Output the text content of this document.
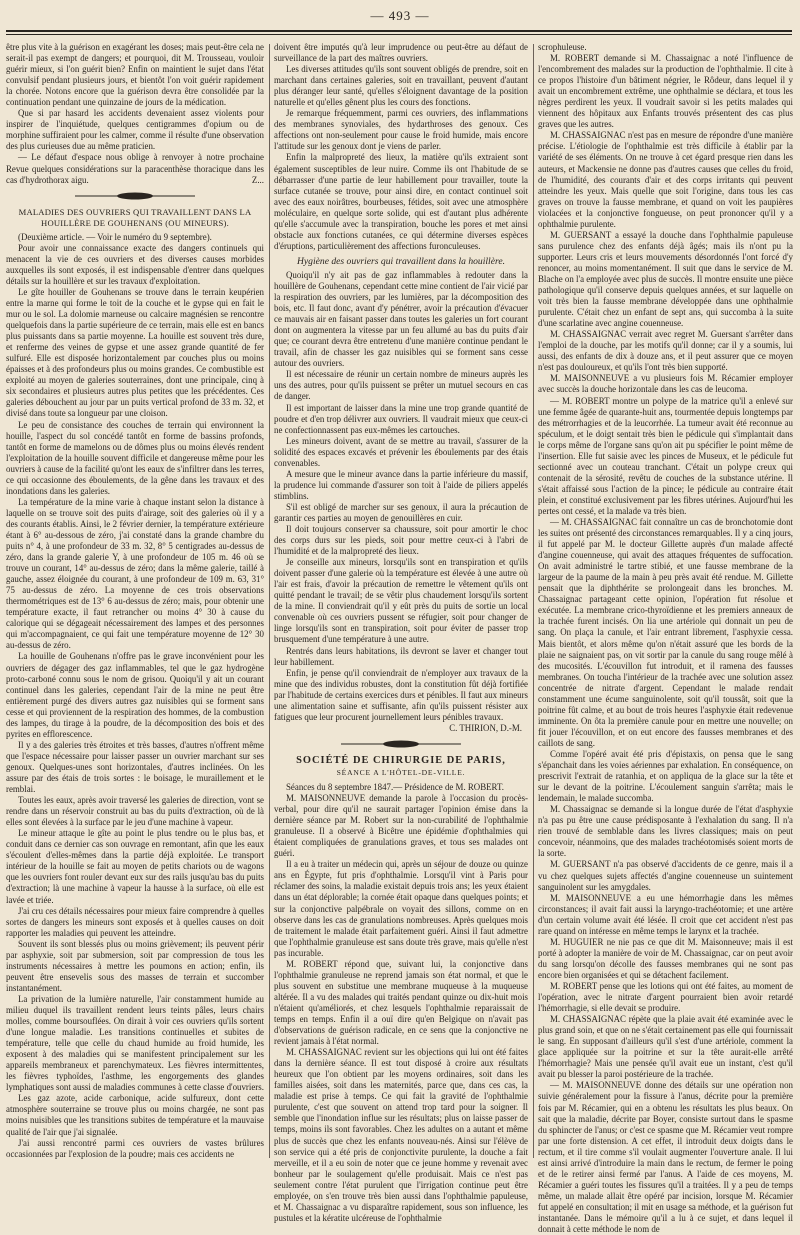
— 493 —

être plus vite à la guérison en exagérant les doses; mais peut-être cela ne serait-il pas exempt de dangers; et pourquoi, dit M. Trousseau, vouloir guérir mieux, si l'on guérit bien? Enfin on maintient le sujet dans l'état convulsif pendant plusieurs jours, et bientôt l'on voit guérir rapidement la chorée. Notons encore que la guérison devra être consolidée par la continuation pendant une quinzaine de jours de la médication.

Que si par hasard les accidents devenaient assez violents pour inspirer de l'inquiétude, quelques centigrammes d'opium ou de morphine suffiraient pour les calmer, comme il résulte d'une observation des plus curieuses due au même praticien.

— Le défaut d'espace nous oblige à renvoyer à notre prochaine Revue quelques considérations sur la paracenthèse thoracique dans les cas d'hydrothorax aigu.	Z...

MALADIES DES OUVRIERS QUI TRAVAILLENT DANS LA HOUILLÈRE DE GOUHENANS (OU MINEURS).

(Deuxième article. — Voir le numéro du 9 septembre).

Pour avoir une connaissance exacte des dangers continuels qui menacent la vie de ces ouvriers et des diverses causes morbides auxquelles ils sont exposés, il est indispensable d'entrer dans quelques détails sur la houillère et sur les travaux d'exploitation.

Le gîte houiller de Gouhenans se trouve dans le terrain keupérien entre la marne qui forme le toit de la couche et le gypse qui en fait le mur ou le sol. La dolomie marneuse ou calcaire magnésien se rencontre quelquefois dans la partie supérieure de ce terrain, mais elle est en bancs plus puissants dans sa partie moyenne. La houille est souvent très dure, et renferme des veines de gypse et une assez grande quantité de fer sulfuré. Elle est disposée horizontalement par couches plus ou moins épaisses et à des profondeurs plus ou moins grandes. Ce combustible est exploité au moyen de galeries souterraines, dont une principale, cinq à six secondaires et plusieurs autres plus petites que les précédentes. Ces galeries débouchent au jour par un puits vertical profond de 33 m. 32, et divisé dans toute sa longueur par une cloison.

Le peu de consistance des couches de terrain qui environnent la houille, l'aspect du sol concédé tantôt en forme de bassins profonds, tantôt en forme de mamelons ou de dômes plus ou moins élevés rendent l'exploitation de la houille souvent difficile et dangereuse même pour les ouvriers à cause de la facilité qu'ont les eaux de s'infiltrer dans les terres, ce qui occasionne des éboulements, de la gêne dans les travaux et des inondations dans les galeries.

La température de la mine varie à chaque instant selon la distance à laquelle on se trouve soit des puits d'airage, soit des galeries où il y a des courants établis. Ainsi, le 2 février dernier, la température extérieure étant à 6° au-dessous de zéro, j'ai constaté dans la grande chambre du puits n° 4, à une profondeur de 33 m. 32, 8° 5 centigrades au-dessus de zéro, dans la grande galerie Y, à une profondeur de 105 m. 46 où se trouve un courant, 14° au-dessus de zéro; dans la même galerie, taillé à gauche, assez éloignée du courant, à une profondeur de 109 m. 63, 31° 75 au-dessus de zéro. La moyenne de ces trois observations thermométriques est de 13° 6 au-dessus de zéro; mais, pour obtenir une température exacte, il faut retrancher ou moins 4° 30 à cause du calorique qui se dégageait nécessairement des lampes et des personnes qui m'accompagnaient, ce qui fait une température moyenne de 12° 30 au-dessus de zéro.

La houille de Gouhenans n'offre pas le grave inconvénient pour les ouvriers de dégager des gaz inflammables, tel que le gaz hydrogène proto-carboné connu sous le nom de grisou. Quoiqu'il y ait un courant continuel dans les galeries, cependant l'air de la mine ne peut être entièrement purgé des divers autres gaz nuisibles qui se forment sans cesse et qui proviennent de la respiration des hommes, de la combustion des lampes, du tirage à la poudre, de la décomposition des bois et des pyrites en efflorescence.

Il y a des galeries très étroites et très basses, d'autres n'offrent même que l'espace nécessaire pour laisser passer un ouvrier marchant sur ses genoux. Quelques-unes sont horizontales, d'autres inclinées. On les assure par des étais de trois sortes : le boisage, le muraillement et le remblai.

Toutes les eaux, après avoir traversé les galeries de direction, vont se rendre dans un réservoir construit au bas du puits d'extraction, où de là elles sont élevées à la surface par le jeu d'une machine à vapeur.

Le mineur attaque le gîte au point le plus tendre ou le plus bas, et conduit dans ce dernier cas son ouvrage en remontant, afin que les eaux s'écoulent d'elles-mêmes dans la partie déjà exploitée. Le transport intérieur de la houille se fait au moyen de petits chariots ou de wagons que les ouvriers font rouler devant eux sur des rails jusqu'au bas du puits d'extraction; là une machine à vapeur la hausse à la surface, où elle est lavée et triée.

J'ai cru ces détails nécessaires pour mieux faire comprendre à quelles sortes de dangers les mineurs sont exposés et à quelles causes on doit rapporter les maladies qui peuvent les atteindre.

Souvent ils sont blessés plus ou moins grièvement; ils peuvent périr par asphyxie, soit par submersion, soit par compression de tous les instruments nécessaires à mettre les poumons en action; enfin, ils peuvent être ensevelis sous des masses de terrain et succomber instantanément.

La privation de la lumière naturelle, l'air constamment humide au milieu duquel ils travaillent rendent leurs teints pâles, leurs chairs molles, comme boursouflées. On dirait à voir ces ouvriers qu'ils sortent d'une longue maladie. Les transitions continuelles et subites de température, telle que celle du chaud humide au froid humide, les exposent à des maladies qui se manifestent principalement sur les appareils membraneux et parenchymateux. Les fièvres intermittentes, les fièvres typhoïdes, l'asthme, les engorgements des glandes lymphatiques sont aussi de maladies communes à cette classe d'ouvriers.

Les gaz azote, acide carbonique, acide sulfureux, dont cette atmosphère souterraine se trouve plus ou moins chargée, ne sont pas moins nuisibles que les transitions subites de température et la mauvaise qualité de l'air que j'ai signalée.

J'ai aussi rencontré parmi ces ouvriers de vastes brûlures occasionnées par l'explosion de la poudre; mais ces accidents ne

doivent être imputés qu'à leur imprudence ou peut-être au défaut de surveillance de la part des maîtres ouvriers.

Les diverses attitudes qu'ils sont souvent obligés de prendre, soit en marchant dans certaines galeries, soit en travaillant, peuvent d'autant plus déranger leur santé, qu'elles s'éloignent davantage de la position naturelle et qu'elles gênent plus les cours des fonctions.

Je remarque fréquemment, parmi ces ouvriers, des inflammations des membranes synoviales, des hydarthroses des genoux. Ces affections ont non-seulement pour cause le froid humide, mais encore l'attitude sur les genoux dont je viens de parler.

Enfin la malpropreté des lieux, la matière qu'ils extraient sont également susceptibles de leur nuire. Comme ils ont l'habitude de se débarrasser d'une partie de leur habillement pour travailler, toute la surface cutanée se trouve, pour ainsi dire, en contact continuel soit avec des eaux noirâtres, bourbeuses, fétides, soit avec une atmosphère moléculaire, en quelque sorte solide, qui est d'autant plus adhérente qu'elle s'accumule avec la transpiration, bouche les pores et met ainsi obstacle aux fonctions cutanées, ce qui détermine diverses espèces d'éruptions, particulièrement des affections furonculeuses.

Hygiène des ouvriers qui travaillent dans la houillère.

Quoiqu'il n'y ait pas de gaz inflammables à redouter dans la houillère de Gouhenans, cependant cette mine contient de l'air vicié par la respiration des ouvriers, par les lumières, par la décomposition des bois, etc. Il faut donc, avant d'y pénétrer, avoir la précaution d'évacuer ce mauvais air en faisant passer dans toutes les galeries un fort courant dont on augmentera la vitesse par un feu allumé au bas du puits d'air que; ce courant devra être entretenu d'une manière continue pendant le travail, afin de chasser les gaz nuisibles qui se forment sans cesse autour des ouvriers.

Il est nécessaire de réunir un certain nombre de mineurs auprès les uns des autres, pour qu'ils puissent se prêter un mutuel secours en cas de danger.

Il est important de laisser dans la mine une trop grande quantité de poudre et d'en trop délivrer aux ouvriers. Il vaudrait mieux que ceux-ci ne confectionnassent pas eux-mêmes les cartouches.

Les mineurs doivent, avant de se mettre au travail, s'assurer de la solidité des espaces excavés et prévenir les éboulements par des étais convenables.

A mesure que le mineur avance dans la partie inférieure du massif, la prudence lui commande d'assurer son toit à l'aide de piliers appelés stimblins.

S'il est obligé de marcher sur ses genoux, il aura la précaution de garantir ces parties au moyen de genouillères en cuir.

Il doit toujours conserver sa chaussure, soit pour amortir le choc des corps durs sur les pieds, soit pour mettre ceux-ci à l'abri de l'humidité et de la malpropreté des lieux.

Je conseille aux mineurs, lorsqu'ils sont en transpiration et qu'ils doivent passer d'une galerie où la température est élevée à une autre où l'air est frais, d'avoir la précaution de remettre le vêtement qu'ils ont quitté pendant le travail; de se vêtir plus chaudement lorsqu'ils sortent de la mine. Il conviendrait qu'il y eût près du puits de sortie un local convenable où ces ouvriers pussent se réfugier, soit pour changer de linge lorsqu'ils sont en transpiration, soit pour éviter de passer trop brusquement d'une température à une autre.

Rentrés dans leurs habitations, ils devront se laver et changer tout leur habillement.

Enfin, je pense qu'il conviendrait de n'employer aux travaux de la mine que des individus robustes, dont la constitution fût déjà fortifiée par l'habitude de certains exercices durs et pénibles. Il faut aux mineurs une alimentation saine et suffisante, afin qu'ils puissent résister aux fatigues que leur procurent journellement leurs pénibles travaux.

C. THIRION, D.-M.

SOCIÉTÉ DE CHIRURGIE DE PARIS,

SÉANCE A L'HÔTEL-DE-VILLE.

Séances du 8 septembre 1847.— Présidence de M. ROBERT.

M. MAISONNEUVE demande la parole à l'occasion du procès-verbal, pour dire qu'il ne saurait partager l'opinion émise dans la dernière séance par M. Robert sur la non-curabilité de l'ophthalmie granuleuse. Il a observé à Bicêtre une épidémie d'ophthalmies qui étaient compliquées de granulations graves, et tous ses malades ont guéri.

Il a eu à traiter un médecin qui, après un séjour de douze ou quinze ans en Égypte, fut pris d'ophthalmie. Lorsqu'il vint à Paris pour réclamer des soins, la maladie existait depuis trois ans; les yeux étaient dans un état déplorable; la cornée était opaque dans quelques points; et sur la conjonctive palpébrale on voyait des sillons, comme on en observe dans les cas de granulations nombreuses. Après quelques mois de traitement le malade était parfaitement guéri. Ainsi il faut admettre que l'ophthalmie granuleuse est sans doute très grave, mais qu'elle n'est pas incurable.

M. ROBERT répond que, suivant lui, la conjonctive dans l'ophthalmie granuleuse ne reprend jamais son état normal, et que le plus souvent en substitue une membrane muqueuse à la muqueuse altérée. Il a vu des malades qui traités pendant quinze ou dix-huit mois n'étaient qu'améliorés, et chez lesquels l'ophthalmie reparaissait de temps en temps. Enfin il a ouï dire qu'en Belgique on n'avait pas d'observations de guérison radicale, en ce sens que la conjonctive ne revient jamais à l'état normal.

M. CHASSAIGNAC revient sur les objections qui lui ont été faites dans la dernière séance. Il est tout disposé à croire aux résultats heureux que l'on obtient par les moyens ordinaires, soit dans les familles aisées, soit dans les maternités, parce que, dans ces cas, la maladie est prise à temps. Ce qui fait la gravité de l'ophthalmie purulente, c'est que souvent on attend trop tard pour la soigner. Il semble que l'inondation influe sur les résultats; plus on laisse passer de temps, moins ils sont favorables. Chez les adultes on a autant et même plus de succès que chez les enfants nouveau-nés. Ainsi sur l'élève de son service qui a été pris de conjonctivite purulente, la douche a fait merveille, et il a eu soin de noter que ce jeune homme y revenait avec bonheur par le soulagement qu'elle produisait. Mais ce n'est pas seulement contre l'état purulent que l'irrigation continue peut être employée, on s'en trouve très bien aussi dans l'ophthalmie papuleuse, et M. Chassaignac a vu disparaître rapidement, sous son influence, les pustules et la kératite ulcéreuse de l'ophthalmie

scrophuleuse.

M. ROBERT demande si M. Chassaignac a noté l'influence de l'encombrement des malades sur la production de l'ophthalmie. Il cite à ce propos l'histoire d'un bâtiment négrier, le Rôdeur, dans lequel il y avait un encombrement extrême, une ophthalmie se déclara, et tous les nègres perdirent les yeux. Il voudrait savoir si les petits malades qui viennent des hôpitaux aux Enfants trouvés présentent des cas plus graves que les autres.

M. CHASSAIGNAC n'est pas en mesure de répondre d'une manière précise. L'étiologie de l'ophthalmie est très difficile à établir par la variété de ses éléments. On ne trouve à cet égard presque rien dans les auteurs, et Mackensie ne donne pas d'autres causes que celles du froid, de l'humidité, des courants d'air et des corps irritants qui peuvent atteindre les yeux. Mais quelle que soit l'origine, dans tous les cas graves on trouve la fausse membrane, et quand on voit les paupières violacées et la conjonctive fongueuse, on peut prononcer qu'il y a ophthalmie purulente.

M. GUERSANT a essayé la douche dans l'ophthalmie papuleuse sans purulence chez des enfants déjà âgés; mais ils n'ont pu la supporter. Leurs cris et leurs mouvements désordonnés l'ont forcé d'y renoncer, au moins momentanément. Il suit que dans le service de M. Blache on l'a employée avec plus de succès. Il montre ensuite une pièce pathologique qu'il conserve depuis quelques années, et sur laquelle on voit très bien la fausse membrane développée dans une ophthalmie purulente. C'était chez un enfant de sept ans, qui succomba à la suite d'une scarlatine avec angine couenneuse.

M. CHASSAIGNAC verrait avec regret M. Guersant s'arrêter dans l'emploi de la douche, par les motifs qu'il donne; car il y a soumis, lui aussi, des enfants de dix à douze ans, et il peut assurer que ce moyen n'est pas douloureux, et qu'ils l'ont très bien supporté.

M. MAISONNEUVE a vu plusieurs fois M. Récamier employer avec succès la douche horizontale dans les cas de leucoma.

— M. ROBERT montre un polype de la matrice qu'il a enlevé sur une femme âgée de quarante-huit ans, tourmentée depuis longtemps par des métrorrhagies et de la leucorrhée. La tumeur avait été reconnue au spéculum, et le doigt sentait très bien le pédicule qui s'implantait dans le corps même de l'organe sans qu'on ait pu spécifier le point même de l'insertion. Elle fut saisie avec les pinces de Museux, et le pédicule fut sectionné avec un couteau tranchant. C'était un polype creux qui contenait de la sérosité, revêtu de couches de la substance utérine. Il s'était affaissé sous l'action de la pince; le pédicule au contraire était plein, et constitué exclusivement par les fibres utérines. Aujourd'hui les pertes ont cessé, et la malade va très bien.

— M. CHASSAIGNAC fait connaître un cas de bronchotomie dont les suites ont présenté des circonstances remarquables. Il y a cinq jours, il fut appelé par M. le docteur Gillette auprès d'un malade affecté d'angine couenneuse, qui avait des attaques fréquentes de suffocation. On avait administré le tartre stibié, et une fausse membrane de la largeur de la paume de la main à peu près avait été rendue. M. Gillette pensait que la diphthérite se prolongeait dans les bronches. M. Chassaignac partageant cette opinion, l'opération fut résolue et exécutée. La membrane crico-thyroïdienne et les premiers anneaux de la trachée furent incisés. On lia une artériole qui donnait un peu de sang. On plaça la canule, et l'air entrant librement, l'asphyxie cessa. Mais bientôt, et alors même qu'on n'était assuré que les bords de la plaie ne saignaient pas, on vit sortir par la canule du sang rouge mêlé à des mucosités. L'écouvillon fut introduit, et il ramena des fausses membranes. On toucha l'intérieur de la trachée avec une solution assez concentrée de nitrate d'argent. Cependant le malade rendait constamment une écume sanguinolente, soit qu'il toussât, soit que la poitrine fût calme, et au bout de trois heures l'asphyxie était redevenue imminente. On ôta la première canule pour en mettre une nouvelle; on fit jouer l'écouvillon, et on eut encore des fausses membranes et des caillots de sang.

Comme l'opéré avait été pris d'épistaxis, on pensa que le sang s'épanchait dans les voies aériennes par exhalation. En conséquence, on prescrivit l'extrait de ratanhia, et on appliqua de la glace sur la tête et sur le devant de la poitrine. L'écoulement sanguin s'arrêta; mais le lendemain, le malade succomba.

M. Chassaignac se demande si la longue durée de l'état d'asphyxie n'a pas pu être une cause prédisposante à l'exhalation du sang. Il n'a rien trouvé de semblable dans les livres classiques; mais on peut concevoir, néanmoins, que des malades trachéotomisés soient morts de la sorte.

M. GUERSANT n'a pas observé d'accidents de ce genre, mais il a vu chez quelques sujets affectés d'angine couenneuse un suintement sanguinolent sur les amygdales.

M. MAISONNEUVE a eu une hémorrhagie dans les mêmes circonstances; il avait fait aussi la laryngo-trachéotomie; et une artère d'un certain volume avait été lésée. Il croit que cet accident n'est pas rare quand on intéresse en même temps le larynx et la trachée.

M. HUGUIER ne nie pas ce que dit M. Maisonneuve; mais il est porté à adopter la manière de voir de M. Chassaignac, car on peut avoir du sang lorsqu'on décolle des fausses membranes qui ne sont pas encore bien organisées et qui se détachent facilement.

M. ROBERT pense que les lotions qui ont été faites, au moment de l'opération, avec le nitrate d'argent pourraient bien avoir retardé l'hémorrhagie, si elle devait se produire.

M. CHASSAIGNAC répète que la plaie avait été examinée avec le plus grand soin, et que on ne s'était certainement pas elle qui fournissait le sang. En supposant d'ailleurs qu'il s'est d'une artériole, comment la glace appliquée sur la poitrine et sur la tête aurait-elle arrêté l'hémorrhagie? Mais une pensée qu'il avait eue un instant, c'est qu'il avait pu blesser la paroi postérieure de la trachée.

— M. MAISONNEUVE donne des détails sur une opération non suivie généralement pour la fissure à l'anus, décrite pour la première fois par M. Récamier, qui en a obtenu les résultats les plus beaux. On sait que la maladie, décrite par Boyer, consiste surtout dans le spasme du sphincter de l'anus; or c'est ce spasme que M. Récamier veut rompre par une forte distension. A cet effet, il introduit deux doigts dans le rectum, et il tire comme s'il voulait augmenter l'ouverture anale. Il lui est ainsi arrivé d'introduire la main dans le rectum, de fermer le poing et de le retirer ainsi fermé par l'anus. A l'aide de ces moyens, M. Récamier a guéri toutes les fissures qu'il a traitées. Il y a peu de temps même, un malade allait être opéré par incision, lorsque M. Récamier fut appelé en consultation; il mit en usage sa méthode, et la guérison fut instantanée. Dans le mémoire qu'il a lu à ce sujet, et dans lequel il donnait à cette méthode le nom de
